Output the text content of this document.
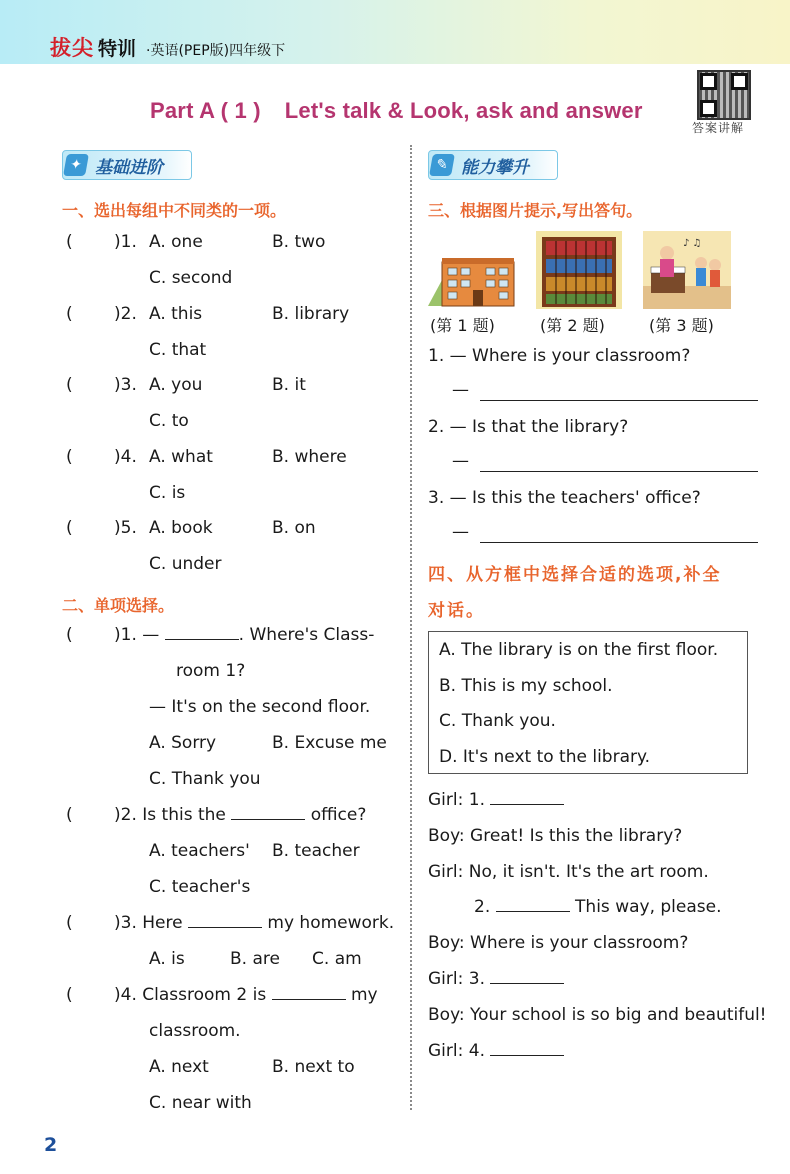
拔尖 特训 ·英语(PEP版)四年级下
Part A ( 1 ) Let's talk & Look, ask and answer
答案讲解
✦ 基础进阶
一、选出每组中不同类的一项。
( )1. A. one	B. two
C. second
( )2. A. this	B. library
C. that
( )3. A. you	B. it
C. to
( )4. A. what	B. where
C. is
( )5. A. book	B. on
C. under
二、单项选择。
( )1. —	. Where's Class-
room 1?
— It's on the second floor.
A. Sorry	B. Excuse me
C. Thank you
( )2. Is this the	office?
A. teachers' B. teacher
C. teacher's
( )3. Here	my homework.
A. is	B. are C. am
( )4. Classroom 2 is	my
classroom.
A. next	B. next to
C. near with
✎ 能力攀升
三、根据图片提示,写出答句。
♪ ♫
(第 1 题)	(第 2 题)	(第 3 题)
1. — Where is your classroom?
—
2. — Is that the library?
—
3. — Is this the teachers' office?
—
四、从方框中选择合适的选项,补全
对话。
A. The library is on the first floor.
B. This is my school.
C. Thank you.
D. It's next to the library.
Girl: 1.
Boy: Great! Is this the library?
Girl: No, it isn't. It's the art room.
2.	This way, please.
Boy: Where is your classroom?
Girl: 3.
Boy: Your school is so big and beautiful!
Girl: 4.
2
